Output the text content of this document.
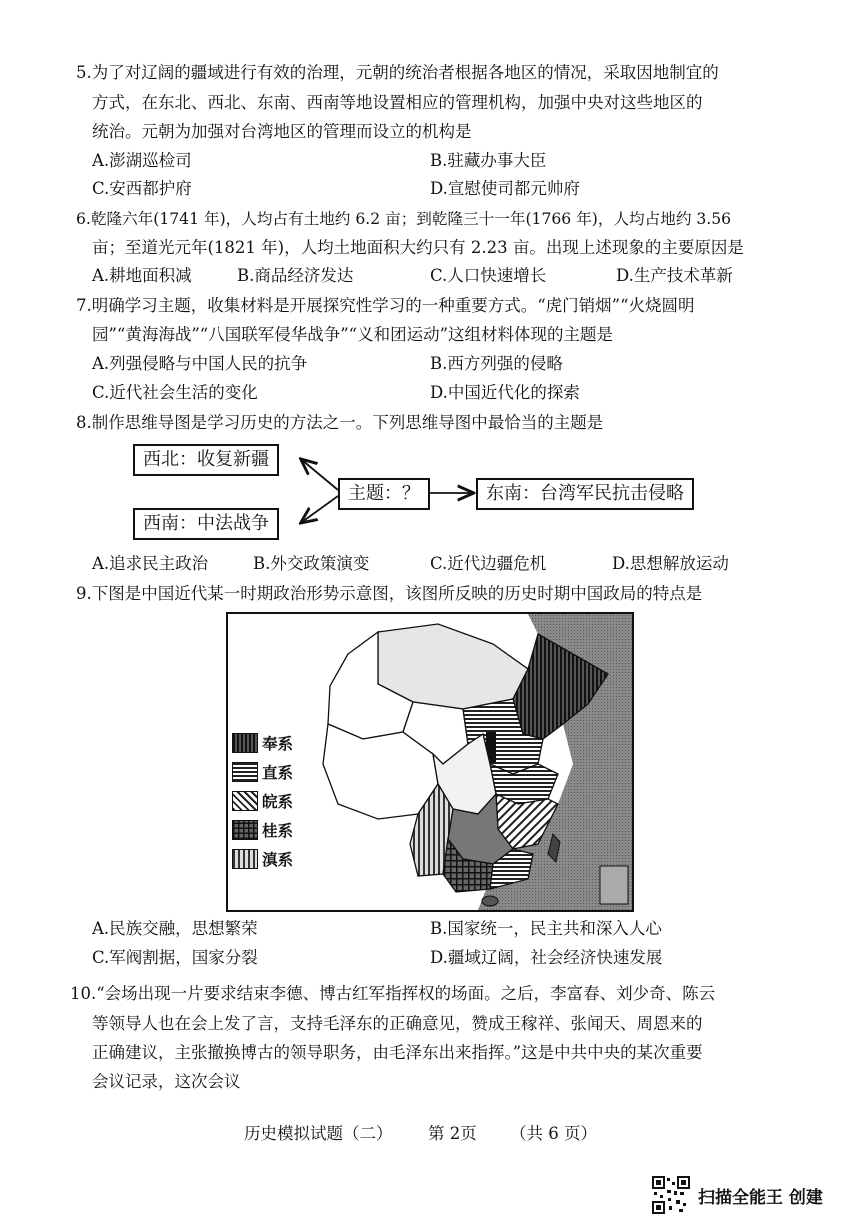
5.为了对辽阔的疆域进行有效的治理，元朝的统治者根据各地区的情况，采取因地制宜的
方式，在东北、西北、东南、西南等地设置相应的管理机构，加强中央对这些地区的
统治。元朝为加强对台湾地区的管理而设立的机构是
A.澎湖巡检司	B.驻藏办事大臣
C.安西都护府	D.宣慰使司都元帅府
6.乾隆六年(1741 年)，人均占有土地约 6.2 亩；到乾隆三十一年(1766 年)，人均占地约 3.56
亩；至道光元年(1821 年)，人均土地面积大约只有 2.23 亩。出现上述现象的主要原因是
A.耕地面积减	B.商品经济发达	C.人口快速增长	D.生产技术革新
7.明确学习主题，收集材料是开展探究性学习的一种重要方式。“虎门销烟”“火烧圆明
园”“黄海海战”“八国联军侵华战争”“义和团运动”这组材料体现的主题是
A.列强侵略与中国人民的抗争	B.西方列强的侵略
C.近代社会生活的变化	D.中国近代化的探索
8.制作思维导图是学习历史的方法之一。下列思维导图中最恰当的主题是
西北：收复新疆
主题：？	东南：台湾军民抗击侵略
西南：中法战争
A.追求民主政治	B.外交政策演变	C.近代边疆危机	D.思想解放运动
9.下图是中国近代某一时期政治形势示意图，该图所反映的历史时期中国政局的特点是
奉系
直系
皖系
桂系
滇系
A.民族交融，思想繁荣	B.国家统一，民主共和深入人心
C.军阀割据，国家分裂	D.疆域辽阔，社会经济快速发展
10.“会场出现一片要求结束李德、博古红军指挥权的场面。之后，李富春、刘少奇、陈云
等领导人也在会上发了言，支持毛泽东的正确意见，赞成王稼祥、张闻天、周恩来的
正确建议，主张撤换博古的领导职务，由毛泽东出来指挥。”这是中共中央的某次重要
会议记录，这次会议
历史模拟试题（二） 第 2页 （共 6 页）
扫描全能王 创建
